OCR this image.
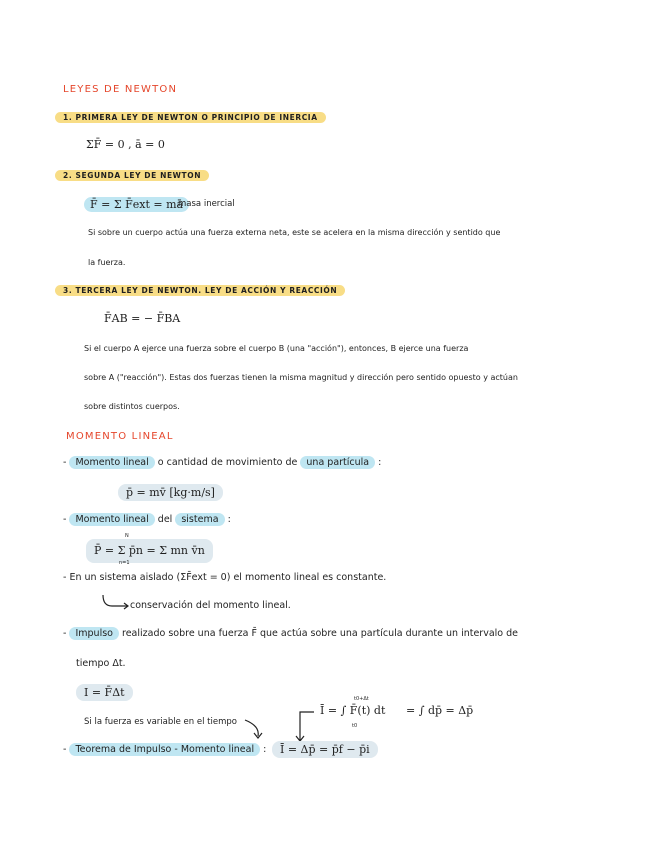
LEYES DE NEWTON
1. PRIMERA LEY DE NEWTON O PRINCIPIO DE INERCIA
ΣF̄ = 0 , ā = 0
2. SEGUNDA LEY DE NEWTON
F̄ = Σ F̄ext = mā
masa inercial
Si sobre un cuerpo actúa una fuerza externa neta, este se acelera en la misma dirección y sentido que
la fuerza.
3. TERCERA LEY DE NEWTON. LEY DE ACCIÓN Y REACCIÓN
F̄AB = − F̄BA
Si el cuerpo A ejerce una fuerza sobre el cuerpo B (una "acción"), entonces, B ejerce una fuerza
sobre A ("reacción"). Estas dos fuerzas tienen la misma magnitud y dirección pero sentido opuesto y actúan
sobre distintos cuerpos.
MOMENTO LINEAL
- Momento lineal o cantidad de movimiento de una partícula :
p̄ = mv̄ [kg·m/s]
- Momento lineal del sistema :
P̄ = Σ p̄n = Σ mn v̄n
N
n=1
- En un sistema aislado (ΣF̄ext = 0) el momento lineal es constante.
conservación del momento lineal.
- Impulso realizado sobre una fuerza F̄ que actúa sobre una partícula durante un intervalo de
tiempo Δt.
I = F̄Δt
Ī = ∫ F̄(t) dt
t0+Δt
t0
= ∫ dp̄ = Δp̄
Si la fuerza es variable en el tiempo
- Teorema de Impulso - Momento lineal :	Ī = Δp̄ = p̄f − p̄i
